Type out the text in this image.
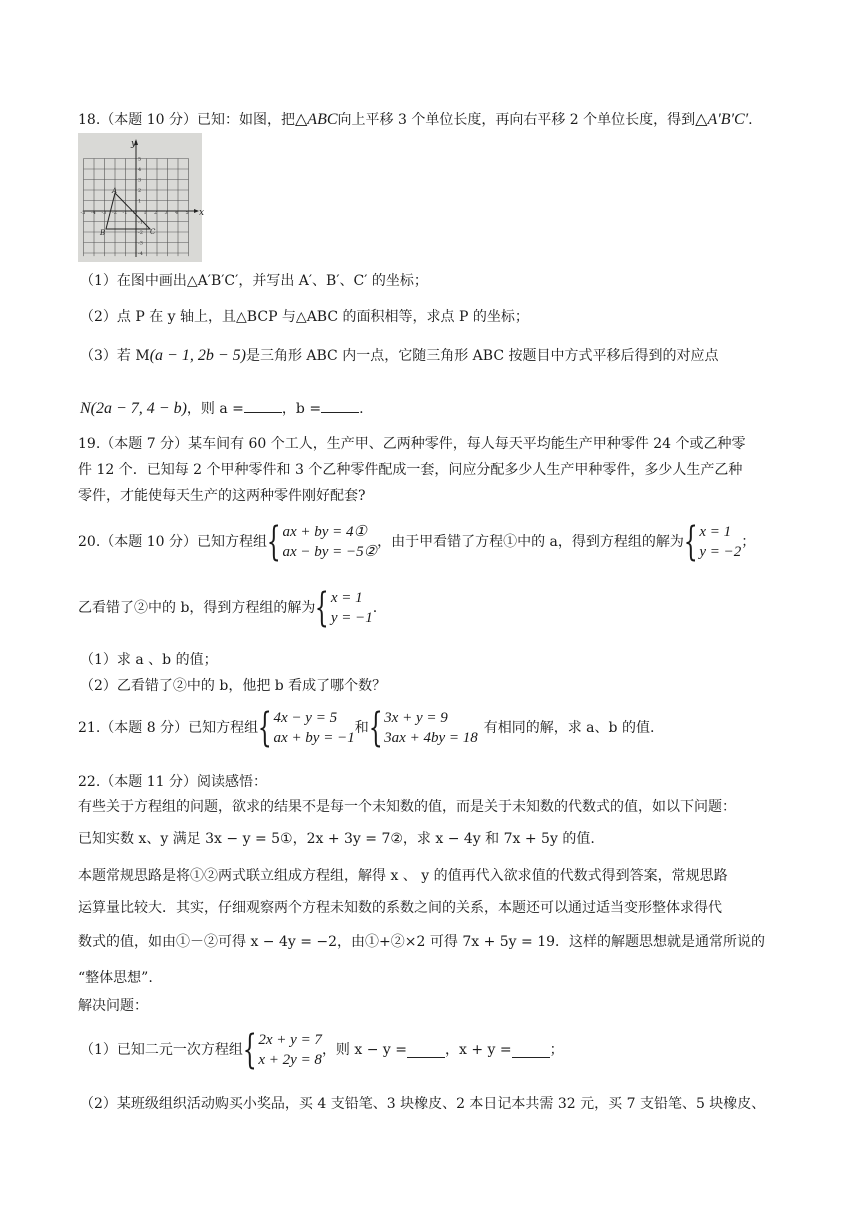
18.（本题 10 分）已知：如图，把△ABC向上平移 3 个单位长度，再向右平移 2 个单位长度，得到△A′B′C′.
x
y
A
B	C
-5 -4 -3 -2 -1 O 1 2 3 4 5
5
4
3
2
1
-1
-2
-3
-4
（1）在图中画出△A′B′C′，并写出 A′、B′、C′ 的坐标；
（2）点 P 在 y 轴上，且△BCP 与△ABC 的面积相等，求点 P 的坐标；
（3）若 M(a − 1, 2b − 5)是三角形 ABC 内一点，它随三角形 ABC 按题目中方式平移后得到的对应点
N(2a − 7, 4 − b)，则 a =	，b =	.
19.（本题 7 分）某车间有 60 个工人，生产甲、乙两种零件，每人每天平均能生产甲种零件 24 个或乙种零
件 12 个．已知每 2 个甲种零件和 3 个乙种零件配成一套，问应分配多少人生产甲种零件，多少人生产乙种
零件，才能使每天生产的这两种零件刚好配套?
20.（本题 10 分）已知方程组 { ax + by = 4①
ax − by = −5②
，由于甲看错了方程①中的 a，得到方程组的解为 { x = 1
y = −2
；
乙看错了②中的 b，得到方程组的解为 { x = 1
y = −1
.
（1）求 a 、b 的值；
（2）乙看错了②中的 b，他把 b 看成了哪个数？
21.（本题 8 分）已知方程组 { 4x − y = 5
ax + by = −1
和 { 3x + y = 9
3ax + 4by = 18
有相同的解，求 a、b 的值.
22.（本题 11 分）阅读感悟：
有些关于方程组的问题，欲求的结果不是每一个未知数的值，而是关于未知数的代数式的值，如以下问题：
已知实数 x、y 满足 3x − y = 5①，2x + 3y = 7②，求 x − 4y 和 7x + 5y 的值.
本题常规思路是将①②两式联立组成方程组，解得 x 、 y 的值再代入欲求值的代数式得到答案，常规思路
运算量比较大．其实，仔细观察两个方程未知数的系数之间的关系，本题还可以通过适当变形整体求得代
数式的值，如由①－②可得 x − 4y = −2，由①+②×2 可得 7x + 5y = 19．这样的解题思想就是通常所说的
“整体思想”.
解决问题：
（1）已知二元一次方程组 { 2x + y = 7
x + 2y = 8
，则 x − y =	，x + y =	；
（2）某班级组织活动购买小奖品，买 4 支铅笔、3 块橡皮、2 本日记本共需 32 元，买 7 支铅笔、5 块橡皮、
